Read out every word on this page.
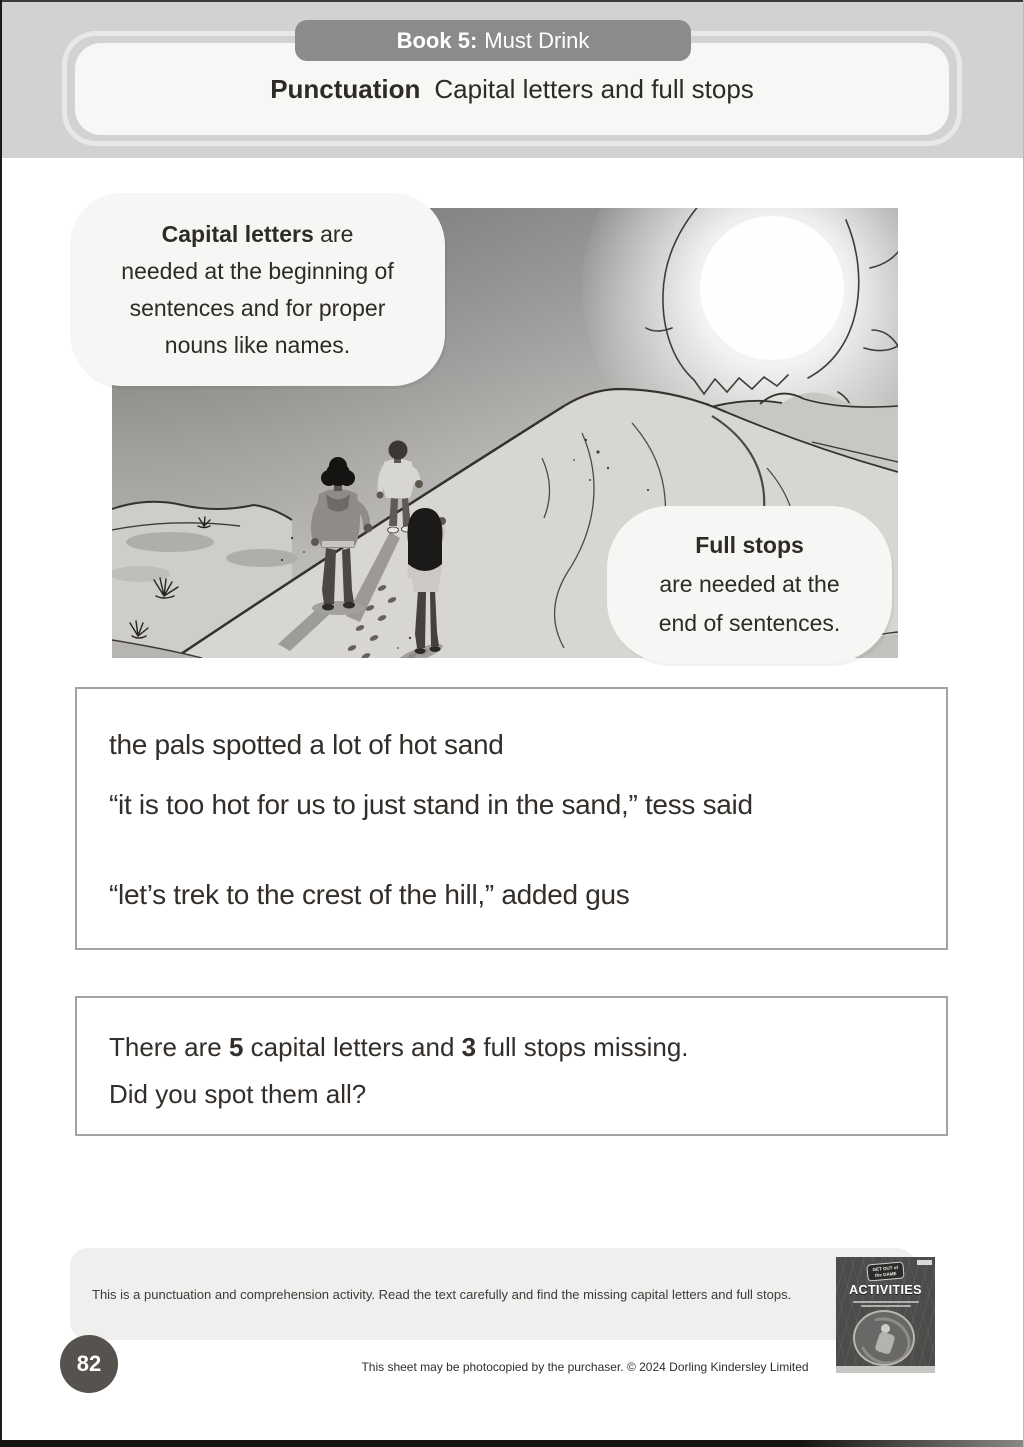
Book 5: Must Drink
Punctuation Capital letters and full stops
Capital letters are
needed at the beginning of
sentences and for proper
nouns like names.
Full stops
are needed at the
end of sentences.
the pals spotted a lot of hot sand
“it is too hot for us to just stand in the sand,” tess said
“let’s trek to the crest of the hill,” added gus
There are 5 capital letters and 3 full stops missing.
Did you spot them all?
This is a punctuation and comprehension activity. Read the text carefully and find the missing capital letters and full stops.
82	This sheet may be photocopied by the purchaser. © 2024 Dorling Kindersley Limited
GET OUT of the GAME
ACTIVITIES
